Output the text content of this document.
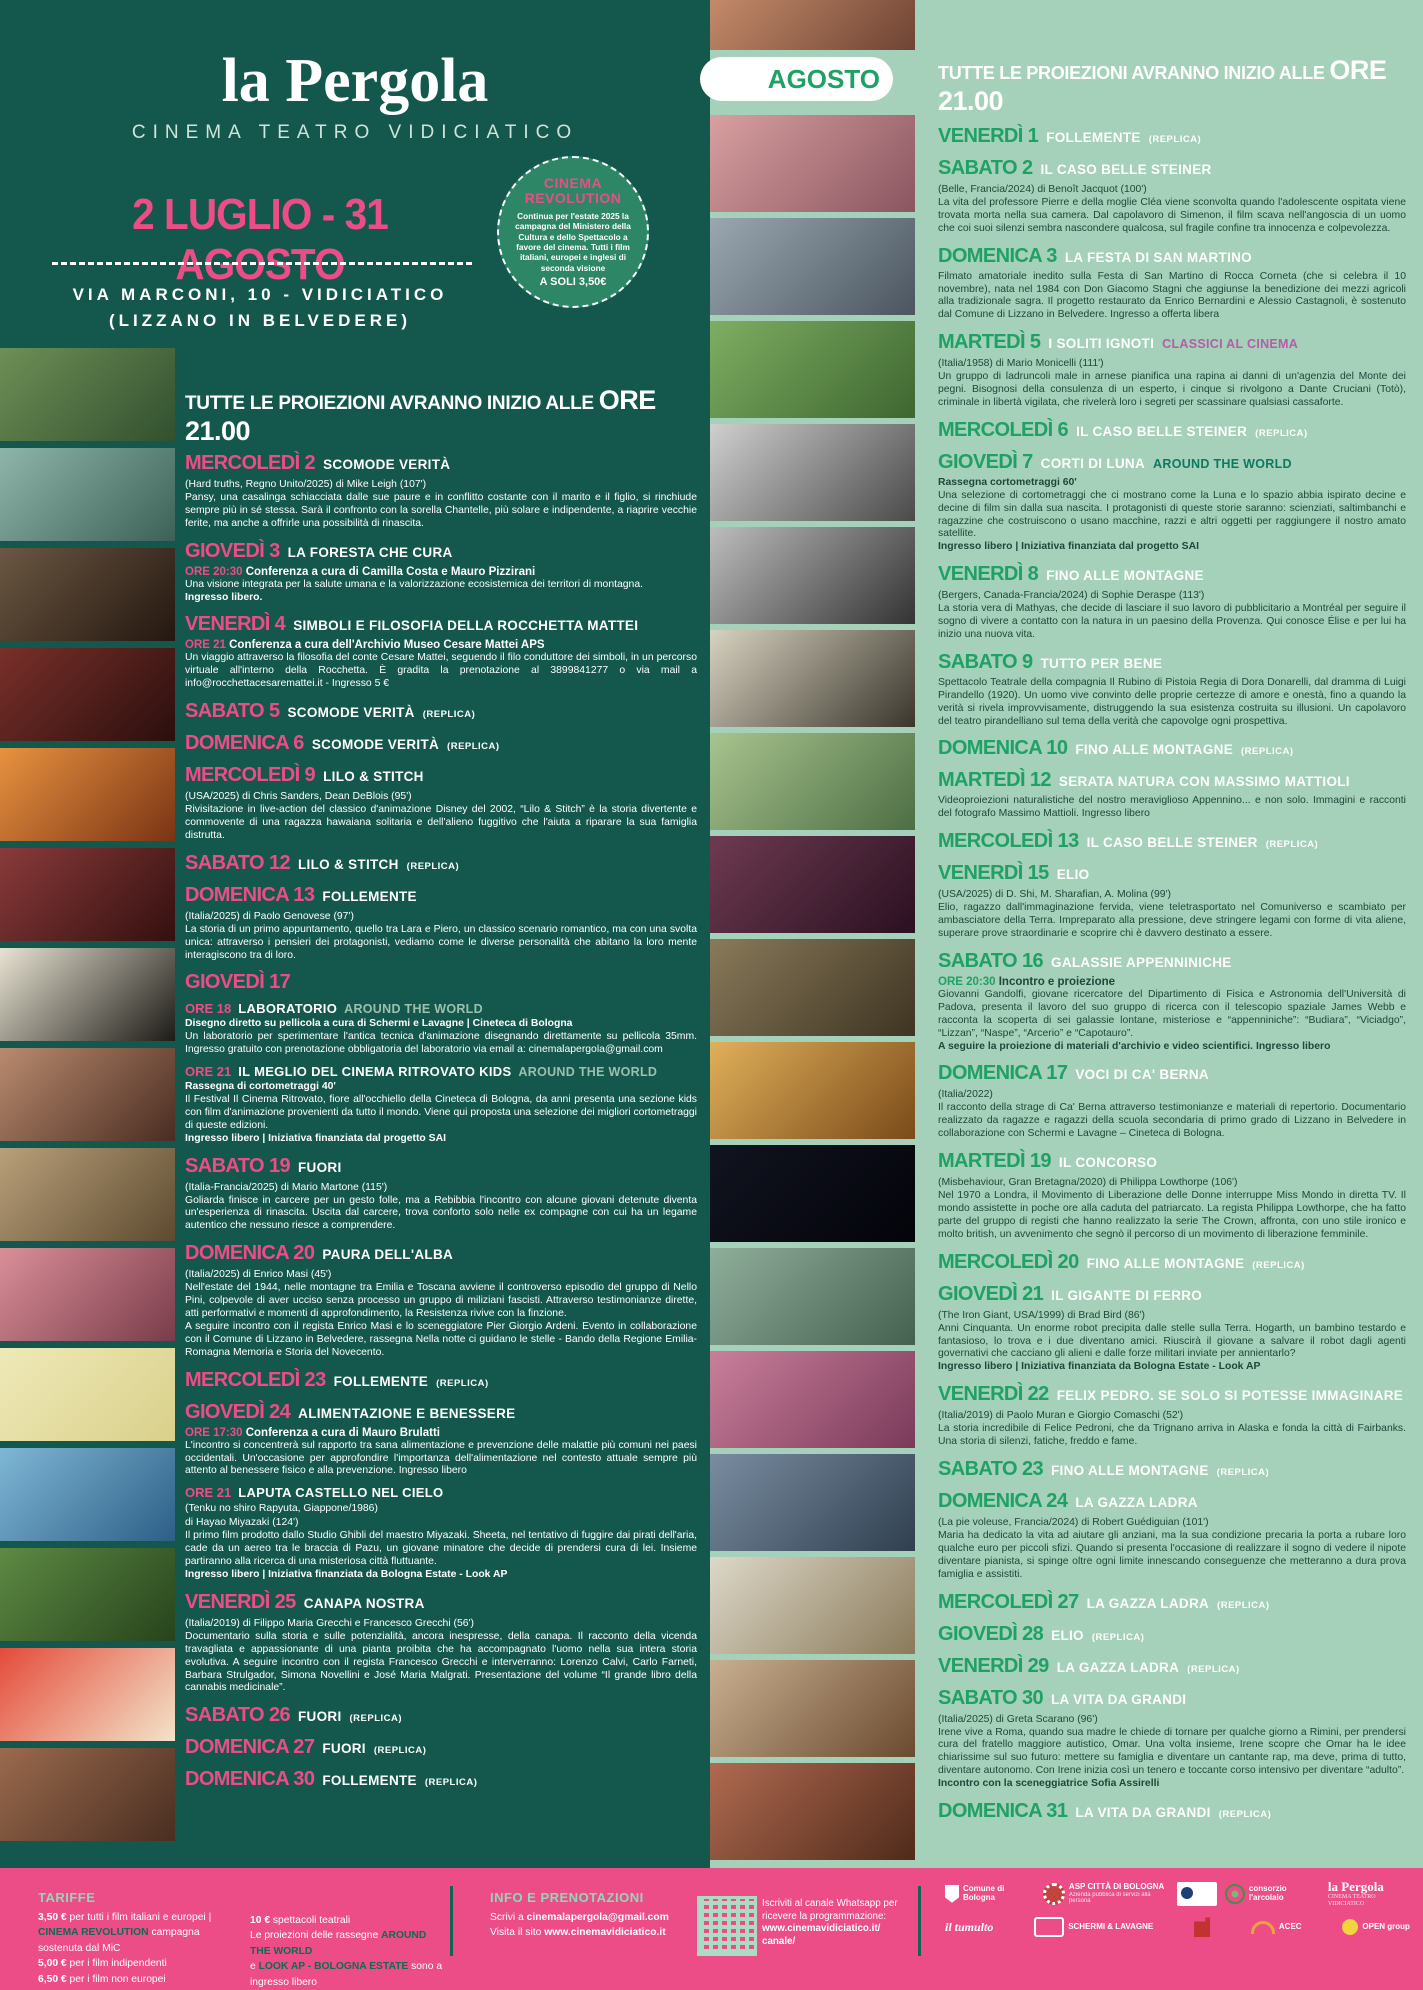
la Pergola
CINEMA TEATRO VIDICIATICO
2 LUGLIO - 31 AGOSTO
VIA MARCONI, 10 - VIDICIATICO
(LIZZANO IN BELVEDERE)
CINEMA REVOLUTION
Continua per l'estate 2025 la campagna del Ministero della Cultura e dello Spettacolo a favore del cinema. Tutti i film italiani, europei e inglesi di seconda visione
A SOLI 3,50€
TUTTE LE PROIEZIONI AVRANNO INIZIO ALLE ORE 21.00
MERCOLEDÌ 2 SCOMODE VERITÀ
(Hard truths, Regno Unito/2025) di Mike Leigh (107')
Pansy, una casalinga schiacciata dalle sue paure e in conflitto costante con il marito e il figlio, si rinchiude sempre più in sé stessa. Sarà il confronto con la sorella Chantelle, più solare e indipendente, a riaprire vecchie ferite, ma anche a offrirle una possibilità di rinascita.
GIOVEDÌ 3 LA FORESTA CHE CURA
ORE 20:30 Conferenza a cura di Camilla Costa e Mauro Pizzirani
Una visione integrata per la salute umana e la valorizzazione ecosistemica dei territori di montagna.
Ingresso libero.
VENERDÌ 4 SIMBOLI E FILOSOFIA DELLA ROCCHETTA MATTEI
ORE 21 Conferenza a cura dell'Archivio Museo Cesare Mattei APS
Un viaggio attraverso la filosofia del conte Cesare Mattei, seguendo il filo conduttore dei simboli, in un percorso virtuale all'interno della Rocchetta. È gradita la prenotazione al 3899841277 o via mail a info@rocchettacesaremattei.it - Ingresso 5 €
SABATO 5 SCOMODE VERITÀ (REPLICA)
DOMENICA 6 SCOMODE VERITÀ (REPLICA)
MERCOLEDÌ 9 LILO & STITCH
(USA/2025) di Chris Sanders, Dean DeBlois (95')
Rivisitazione in live-action del classico d'animazione Disney del 2002, “Lilo & Stitch” è la storia divertente e commovente di una ragazza hawaiana solitaria e dell'alieno fuggitivo che l'aiuta a riparare la sua famiglia distrutta.
SABATO 12 LILO & STITCH (REPLICA)
DOMENICA 13 FOLLEMENTE
(Italia/2025) di Paolo Genovese (97')
La storia di un primo appuntamento, quello tra Lara e Piero, un classico scenario romantico, ma con una svolta unica: attraverso i pensieri dei protagonisti, vediamo come le diverse personalità che abitano la loro mente interagiscono tra di loro.
GIOVEDÌ 17
ORE 18 LABORATORIO AROUND THE WORLD
Disegno diretto su pellicola a cura di Schermi e Lavagne | Cineteca di Bologna
Un laboratorio per sperimentare l'antica tecnica d'animazione disegnando direttamente su pellicola 35mm. Ingresso gratuito con prenotazione obbligatoria del laboratorio via email a: cinemalapergola@gmail.com
ORE 21 IL MEGLIO DEL CINEMA RITROVATO KIDS AROUND THE WORLD
Rassegna di cortometraggi 40'
Il Festival Il Cinema Ritrovato, fiore all'occhiello della Cineteca di Bologna, da anni presenta una sezione kids con film d'animazione provenienti da tutto il mondo. Viene qui proposta una selezione dei migliori cortometraggi di queste edizioni.
Ingresso libero | Iniziativa finanziata dal progetto SAI
SABATO 19 FUORI
(Italia-Francia/2025) di Mario Martone (115')
Goliarda finisce in carcere per un gesto folle, ma a Rebibbia l'incontro con alcune giovani detenute diventa un'esperienza di rinascita. Uscita dal carcere, trova conforto solo nelle ex compagne con cui ha un legame autentico che nessuno riesce a comprendere.
DOMENICA 20 PAURA DELL'ALBA
(Italia/2025) di Enrico Masi (45')
Nell'estate del 1944, nelle montagne tra Emilia e Toscana avviene il controverso episodio del gruppo di Nello Pini, colpevole di aver ucciso senza processo un gruppo di miliziani fascisti. Attraverso testimonianze dirette, atti performativi e momenti di approfondimento, la Resistenza rivive con la finzione.
A seguire incontro con il regista Enrico Masi e lo sceneggiatore Pier Giorgio Ardeni. Evento in collaborazione con il Comune di Lizzano in Belvedere, rassegna Nella notte ci guidano le stelle - Bando della Regione Emilia-Romagna Memoria e Storia del Novecento.
MERCOLEDÌ 23 FOLLEMENTE (REPLICA)
GIOVEDÌ 24 ALIMENTAZIONE E BENESSERE
ORE 17:30 Conferenza a cura di Mauro Brulatti
L'incontro si concentrerà sul rapporto tra sana alimentazione e prevenzione delle malattie più comuni nei paesi occidentali. Un'occasione per approfondire l'importanza dell'alimentazione nel contesto attuale sempre più attento al benessere fisico e alla prevenzione. Ingresso libero
ORE 21 LAPUTA CASTELLO NEL CIELO
(Tenku no shiro Rapyuta, Giappone/1986)
di Hayao Miyazaki (124')
Il primo film prodotto dallo Studio Ghibli del maestro Miyazaki. Sheeta, nel tentativo di fuggire dai pirati dell'aria, cade da un aereo tra le braccia di Pazu, un giovane minatore che decide di prendersi cura di lei. Insieme partiranno alla ricerca di una misteriosa città fluttuante.
Ingresso libero | Iniziativa finanziata da Bologna Estate - Look AP
VENERDÌ 25 CANAPA NOSTRA
(Italia/2019) di Filippo Maria Grecchi e Francesco Grecchi (56')
Documentario sulla storia e sulle potenzialità, ancora inespresse, della canapa. Il racconto della vicenda travagliata e appassionante di una pianta proibita che ha accompagnato l'uomo nella sua intera storia evolutiva. A seguire incontro con il regista Francesco Grecchi e interverranno: Lorenzo Calvi, Carlo Farneti, Barbara Strulgador, Simona Novellini e José Maria Malgrati. Presentazione del volume “Il grande libro della cannabis medicinale”.
SABATO 26 FUORI (REPLICA)
DOMENICA 27 FUORI (REPLICA)
DOMENICA 30 FOLLEMENTE (REPLICA)
AGOSTO	TUTTE LE PROIEZIONI AVRANNO INIZIO ALLE ORE 21.00
VENERDÌ 1 FOLLEMENTE (REPLICA)
SABATO 2 IL CASO BELLE STEINER
(Belle, Francia/2024) di Benoît Jacquot (100')
La vita del professore Pierre e della moglie Cléa viene sconvolta quando l'adolescente ospitata viene trovata morta nella sua camera. Dal capolavoro di Simenon, il film scava nell'angoscia di un uomo che coi suoi silenzi sembra nascondere qualcosa, sul fragile confine tra innocenza e colpevolezza.
DOMENICA 3 LA FESTA DI SAN MARTINO
Filmato amatoriale inedito sulla Festa di San Martino di Rocca Corneta (che si celebra il 10 novembre), nata nel 1984 con Don Giacomo Stagni che aggiunse la benedizione dei mezzi agricoli alla tradizionale sagra. Il progetto restaurato da Enrico Bernardini e Alessio Castagnoli, è sostenuto dal Comune di Lizzano in Belvedere. Ingresso a offerta libera
MARTEDÌ 5 I SOLITI IGNOTI CLASSICI AL CINEMA
(Italia/1958) di Mario Monicelli (111')
Un gruppo di ladruncoli male in arnese pianifica una rapina ai danni di un'agenzia del Monte dei pegni. Bisognosi della consulenza di un esperto, i cinque si rivolgono a Dante Cruciani (Totò), criminale in libertà vigilata, che rivelerà loro i segreti per scassinare qualsiasi cassaforte.
MERCOLEDÌ 6 IL CASO BELLE STEINER (REPLICA)
GIOVEDÌ 7 CORTI DI LUNA AROUND THE WORLD
Rassegna cortometraggi 60'
Una selezione di cortometraggi che ci mostrano come la Luna e lo spazio abbia ispirato decine e decine di film sin dalla sua nascita. I protagonisti di queste storie saranno: scienziati, saltimbanchi e ragazzine che costruiscono o usano macchine, razzi e altri oggetti per raggiungere il nostro amato satellite.
Ingresso libero | Iniziativa finanziata dal progetto SAI
VENERDÌ 8 FINO ALLE MONTAGNE
(Bergers, Canada-Francia/2024) di Sophie Deraspe (113')
La storia vera di Mathyas, che decide di lasciare il suo lavoro di pubblicitario a Montréal per seguire il sogno di vivere a contatto con la natura in un paesino della Provenza. Qui conosce Élise e per lui ha inizio una nuova vita.
SABATO 9 TUTTO PER BENE
Spettacolo Teatrale della compagnia Il Rubino di Pistoia Regia di Dora Donarelli, dal dramma di Luigi Pirandello (1920). Un uomo vive convinto delle proprie certezze di amore e onestà, fino a quando la verità si rivela improvvisamente, distruggendo la sua esistenza costruita su illusioni. Un capolavoro del teatro pirandelliano sul tema della verità che capovolge ogni prospettiva.
DOMENICA 10 FINO ALLE MONTAGNE (REPLICA)
MARTEDÌ 12 SERATA NATURA CON MASSIMO MATTIOLI
Videoproiezioni naturalistiche del nostro meraviglioso Appennino... e non solo. Immagini e racconti del fotografo Massimo Mattioli. Ingresso libero
MERCOLEDÌ 13 IL CASO BELLE STEINER (REPLICA)
VENERDÌ 15 ELIO
(USA/2025) di D. Shi, M. Sharafian, A. Molina (99')
Elio, ragazzo dall'immaginazione fervida, viene teletrasportato nel Comuniverso e scambiato per ambasciatore della Terra. Impreparato alla pressione, deve stringere legami con forme di vita aliene, superare prove straordinarie e scoprire chi è davvero destinato a essere.
SABATO 16 GALASSIE APPENNINICHE
ORE 20:30 Incontro e proiezione
Giovanni Gandolfi, giovane ricercatore del Dipartimento di Fisica e Astronomia dell'Università di Padova, presenta il lavoro del suo gruppo di ricerca con il telescopio spaziale James Webb e racconta la scoperta di sei galassie lontane, misteriose e “appenniniche”: “Budiara”, “Viciadgo”, “Lizzan”, “Naspe”, “Arcerio” e “Capotauro”.
A seguire la proiezione di materiali d'archivio e video scientifici. Ingresso libero
DOMENICA 17 VOCI DI CA' BERNA
(Italia/2022)
Il racconto della strage di Ca' Berna attraverso testimonianze e materiali di repertorio. Documentario realizzato da ragazze e ragazzi della scuola secondaria di primo grado di Lizzano in Belvedere in collaborazione con Schermi e Lavagne – Cineteca di Bologna.
MARTEDÌ 19 IL CONCORSO
(Misbehaviour, Gran Bretagna/2020) di Philippa Lowthorpe (106')
Nel 1970 a Londra, il Movimento di Liberazione delle Donne interruppe Miss Mondo in diretta TV. Il mondo assistette in poche ore alla caduta del patriarcato. La regista Philippa Lowthorpe, che ha fatto parte del gruppo di registi che hanno realizzato la serie The Crown, affronta, con uno stile ironico e molto british, un avvenimento che segnò il percorso di un movimento di liberazione femminile.
MERCOLEDÌ 20 FINO ALLE MONTAGNE (REPLICA)
GIOVEDÌ 21 IL GIGANTE DI FERRO
(The Iron Giant, USA/1999) di Brad Bird (86')
Anni Cinquanta. Un enorme robot precipita dalle stelle sulla Terra. Hogarth, un bambino testardo e fantasioso, lo trova e i due diventano amici. Riuscirà il giovane a salvare il robot dagli agenti governativi che cacciano gli alieni e dalle forze militari inviate per annientarlo?
Ingresso libero | Iniziativa finanziata da Bologna Estate - Look AP
VENERDÌ 22 FELIX PEDRO. SE SOLO SI POTESSE IMMAGINARE
(Italia/2019) di Paolo Muran e Giorgio Comaschi (52')
La storia incredibile di Felice Pedroni, che da Trignano arriva in Alaska e fonda la città di Fairbanks. Una storia di silenzi, fatiche, freddo e fame.
SABATO 23 FINO ALLE MONTAGNE (REPLICA)
DOMENICA 24 LA GAZZA LADRA
(La pie voleuse, Francia/2024) di Robert Guédiguian (101')
Maria ha dedicato la vita ad aiutare gli anziani, ma la sua condizione precaria la porta a rubare loro qualche euro per piccoli sfizi. Quando si presenta l'occasione di realizzare il sogno di vedere il nipote diventare pianista, si spinge oltre ogni limite innescando conseguenze che metteranno a dura prova famiglia e assistiti.
MERCOLEDÌ 27 LA GAZZA LADRA (REPLICA)
GIOVEDÌ 28 ELIO (REPLICA)
VENERDÌ 29 LA GAZZA LADRA (REPLICA)
SABATO 30 LA VITA DA GRANDI
(Italia/2025) di Greta Scarano (96')
Irene vive a Roma, quando sua madre le chiede di tornare per qualche giorno a Rimini, per prendersi cura del fratello maggiore autistico, Omar. Una volta insieme, Irene scopre che Omar ha le idee chiarissime sul suo futuro: mettere su famiglia e diventare un cantante rap, ma deve, prima di tutto, diventare autonomo. Con Irene inizia così un tenero e toccante corso intensivo per diventare “adulto”.
Incontro con la sceneggiatrice Sofia Assirelli
DOMENICA 31 LA VITA DA GRANDI (REPLICA)
TARIFFE
3,50 € per tutti i film italiani e europei |
CINEMA REVOLUTION campagna sostenuta dal MiC
5,00 € per i film indipendenti
6,50 € per i film non europei
10 € spettacoli teatrali
Le proiezioni delle rassegne AROUND THE WORLD
e LOOK AP - BOLOGNA ESTATE sono a ingresso libero
INFO E PRENOTAZIONI
Scrivi a cinemalapergola@gmail.com
Visita il sito www.cinemavidiciatico.it
Iscriviti al canale Whatsapp per ricevere la programmazione:
www.cinemavidiciatico.it/ canale/
Comune di Bologna
ASP CITTÀ DI BOLOGNA
Azienda pubblica di servizi alla persona
consorzio l'arcolaio
la Pergola
CINEMA TEATRO VIDICIATICO
il tumulto	SCHERMI & LAVAGNE	ACEC	OPEN group
